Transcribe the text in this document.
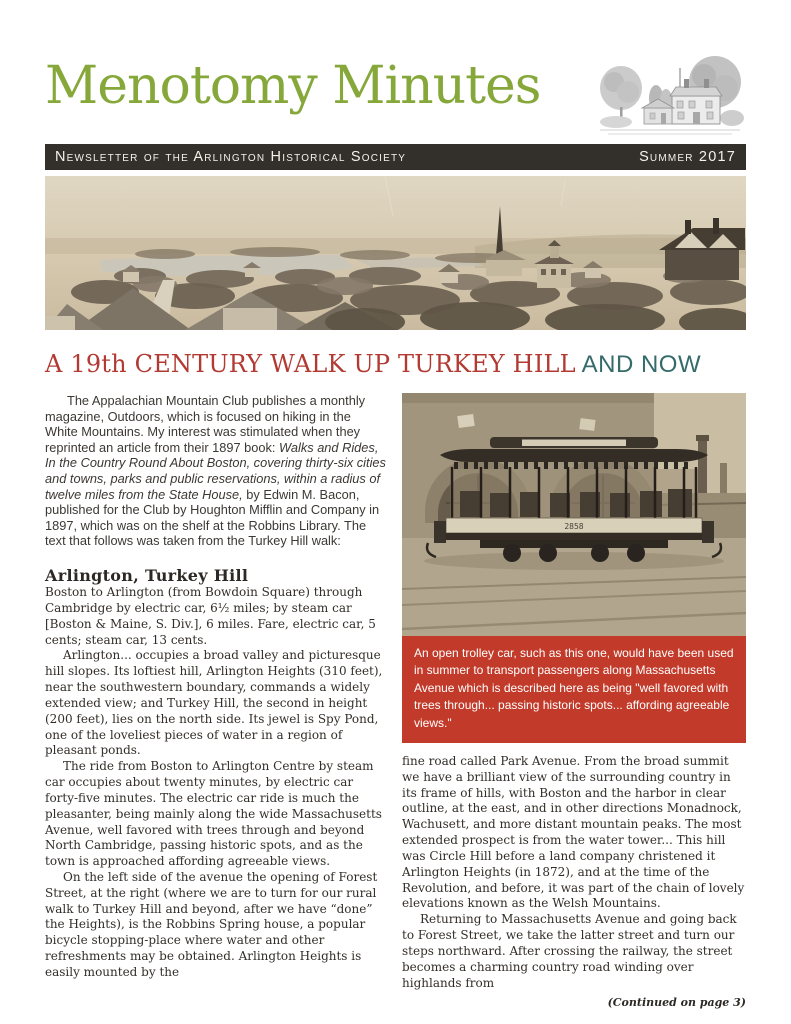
Menotomy Minutes
Newsletter of the Arlington Historical Society	Summer 2017
A 19th CENTURY WALK UP TURKEY HILL AND NOW

The Appalachian Mountain Club publishes a monthly magazine, Outdoors, which is focused on hiking in the White Mountains. My interest was stimulated when they reprinted an article from their 1897 book: Walks and Rides, In the Country Round About Boston, covering thirty-six cities and towns, parks and public reservations, within a radius of twelve miles from the State House, by Edwin M. Bacon, published for the Club by Houghton Mifflin and Company in 1897, which was on the shelf at the Robbins Library. The text that follows was taken from the Turkey Hill walk:

Arlington, Turkey Hill

Boston to Arlington (from Bowdoin Square) through Cambridge by electric car, 6½ miles; by steam car [Boston & Maine, S. Div.], 6 miles. Fare, electric car, 5 cents; steam car, 13 cents.

Arlington... occupies a broad valley and picturesque hill slopes. Its loftiest hill, Arlington Heights (310 feet), near the southwestern boundary, commands a widely extended view; and Turkey Hill, the second in height (200 feet), lies on the north side. Its jewel is Spy Pond, one of the loveliest pieces of water in a region of pleasant ponds.

The ride from Boston to Arlington Centre by steam car occupies about twenty minutes, by electric car forty-five minutes. The electric car ride is much the pleasanter, being mainly along the wide Massachusetts Avenue, well favored with trees through and beyond North Cambridge, passing historic spots, and as the town is approached affording agreeable views.

On the left side of the avenue the opening of Forest Street, at the right (where we are to turn for our rural walk to Turkey Hill and beyond, after we have “done” the Heights), is the Robbins Spring house, a popular bicycle stopping-place where water and other refreshments may be obtained. Arlington Heights is easily mounted by the

2858
An open trolley car, such as this one, would have been used in summer to transport passengers along Massachusetts Avenue which is described here as being "well favored with trees through... passing historic spots... affording agreeable views."

fine road called Park Avenue. From the broad summit we have a brilliant view of the surrounding country in its frame of hills, with Boston and the harbor in clear outline, at the east, and in other directions Monadnock, Wachusett, and more distant mountain peaks. The most extended prospect is from the water tower... This hill was Circle Hill before a land company christened it Arlington Heights (in 1872), and at the time of the Revolution, and before, it was part of the chain of lovely elevations known as the Welsh Mountains.

Returning to Massachusetts Avenue and going back to Forest Street, we take the latter street and turn our steps northward. After crossing the railway, the street becomes a charming country road winding over highlands from

(Continued on page 3)
